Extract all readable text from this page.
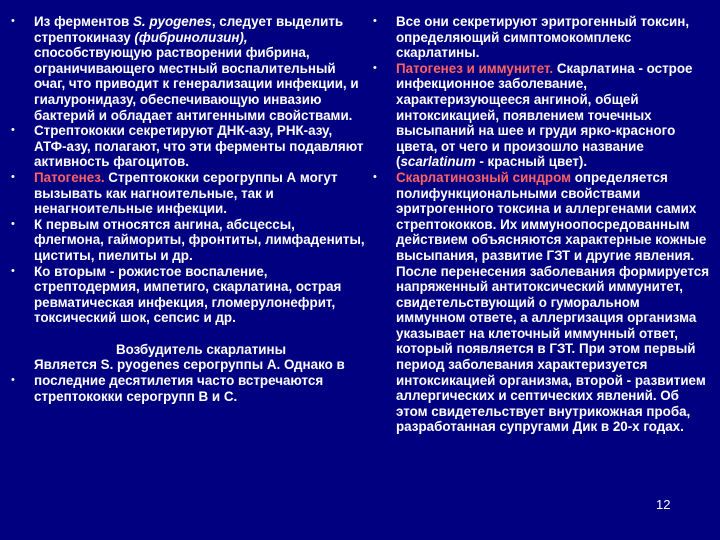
• Из ферментов S. pyogenes, следует выделить стрептокиназу (фибринолизин), способствующую растворении фибрина, ограничивающего местный воспалительный очаг, что приводит к генерализации инфекции, и гиалуронидазу, обеспечивающую инвазию бактерий и обладает антигенными свойствами.
• Стрептококки секретируют ДНК-азу, РНК-азу, АТФ-азу, полагают, что эти ферменты подавляют активность фагоцитов.
• Патогенез. Стрептококки серогруппы А могут вызывать как нагноительные, так и ненагноительные инфекции.
• К первым относятся ангина, абсцессы, флегмона, гаймориты, фронтиты, лимфадениты, циститы, пиелиты и др.
• Ко вторым - рожистое воспаление, стрептодермия, импетиго, скарлатина, острая ревматическая инфекция, гломерулонефрит, токсический шок, сепсис и др.
•
Возбудитель скарлатины
Является S. pyogenes серогруппы А. Однако в последние десятилетия часто встречаются стрептококки серогрупп В и С.
• Все они секретируют эритрогенный токсин, определяющий симптомокомплекс скарлатины.
• Патогенез и иммунитет. Скарлатина - острое инфекционное заболевание, характеризующееся ангиной, общей интоксикацией, появлением точечных высыпаний на шее и груди ярко-красного цвета, от чего и произошло название (scarlatinum - красный цвет).
• Скарлатинозный синдром определяется полифункциональными свойствами эритрогенного токсина и аллергенами самих стрептококков. Их иммуноопосредованным действием объясняются характерные кожные высыпания, развитие ГЗТ и другие явления. После перенесения заболевания формируется напряженный антитоксический иммунитет, свидетельствующий о гуморальном иммунном ответе, а аллергизация организма указывает на клеточный иммунный ответ, который появляется в ГЗТ. При этом первый период заболевания характеризуется интоксикацией организма, второй - развитием аллергических и септических явлений. Об этом свидетельствует внутрикожная проба, разработанная супругами Дик в 20-х годах.
12
